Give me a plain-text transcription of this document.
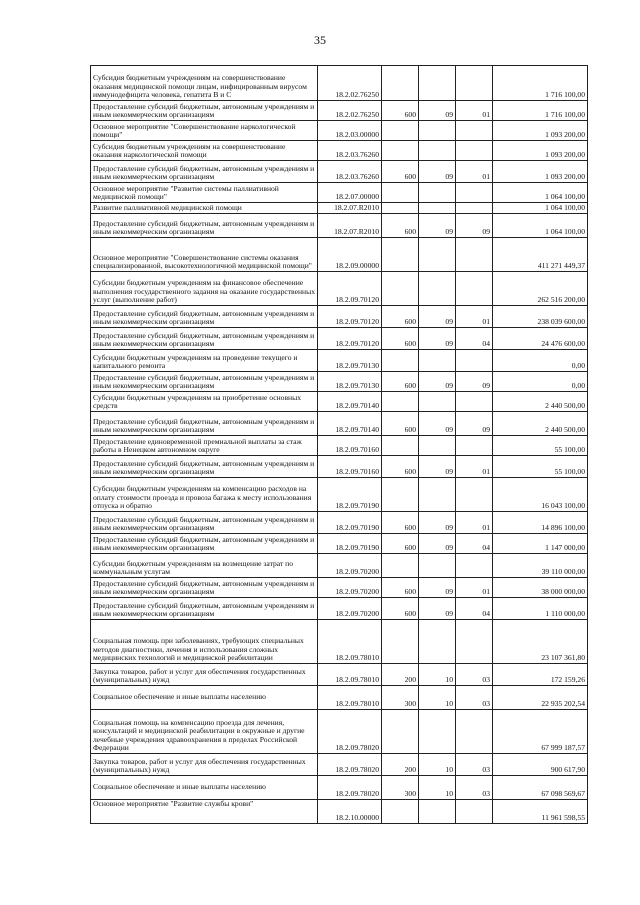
35
Субсидия бюджетным учреждениям на совершенствование оказания медицинской помощи лицам, инфицированным вирусом иммунодефицита человека, гепатита В и С	18.2.02.76250				1 716 100,00
Предоставление субсидий бюджетным, автономным учреждениям и иным некоммерческим организациям	18.2.02.76250	600	09	01	1 716 100,00
Основное мероприятие "Совершенствование наркологической помощи"	18.2.03.00000				1 093 200,00
Субсидия бюджетным учреждениям на совершенствование оказания наркологической помощи	18.2.03.76260				1 093 200,00
Предоставление субсидий бюджетным, автономным учреждениям и иным некоммерческим организациям	18.2.03.76260	600	09	01	1 093 200,00
Основное мероприятие "Развитие системы паллиативной медицинской помощи"	18.2.07.00000				1 064 100,00
Развитие паллиативной медицинской помощи	18.2.07.R2010				1 064 100,00
Предоставление субсидий бюджетным, автономным учреждениям и иным некоммерческим организациям	18.2.07.R2010	600	09	09	1 064 100,00
Основное мероприятие "Совершенствование системы оказания специализированной, высокотехнологичной медицинской помощи"	18.2.09.00000				411 271 449,37
Субсидии бюджетным учреждениям на финансовое обеспечение выполнения государственного задания на оказание государственных услуг (выполнение работ)	18.2.09.70120				262 516 200,00
Предоставление субсидий бюджетным, автономным учреждениям и иным некоммерческим организациям	18.2.09.70120	600	09	01	238 039 600,00
Предоставление субсидий бюджетным, автономным учреждениям и иным некоммерческим организациям	18.2.09.70120	600	09	04	24 476 600,00
Субсидии бюджетным учреждениям на проведение текущего и капитального ремонта	18.2.09.70130				0,00
Предоставление субсидий бюджетным, автономным учреждениям и иным некоммерческим организациям	18.2.09.70130	600	09	09	0,00
Субсидии бюджетным учреждениям на приобретение основных средств	18.2.09.70140				2 440 500,00
Предоставление субсидий бюджетным, автономным учреждениям и иным некоммерческим организациям	18.2.09.70140	600	09	09	2 440 500,00
Предоставление единовременной премиальной выплаты за стаж работы в Ненецком автономном округе	18.2.09.70160				55 100,00
Предоставление субсидий бюджетным, автономным учреждениям и иным некоммерческим организациям	18.2.09.70160	600	09	01	55 100,00
Субсидии бюджетным учреждениям на компенсацию расходов на оплату стоимости проезда и провоза багажа к месту использования отпуска и обратно	18.2.09.70190				16 043 100,00
Предоставление субсидий бюджетным, автономным учреждениям и иным некоммерческим организациям	18.2.09.70190	600	09	01	14 896 100,00
Предоставление субсидий бюджетным, автономным учреждениям и иным некоммерческим организациям	18.2.09.70190	600	09	04	1 147 000,00
Субсидии бюджетным учреждениям на возмещение затрат по коммунальным услугам	18.2.09.70200				39 110 000,00
Предоставление субсидий бюджетным, автономным учреждениям и иным некоммерческим организациям	18.2.09.70200	600	09	01	38 000 000,00
Предоставление субсидий бюджетным, автономным учреждениям и иным некоммерческим организациям	18.2.09.70200	600	09	04	1 110 000,00
Социальная помощь при заболеваниях, требующих специальных методов диагностики, лечения и использования сложных медицинских технологий и медицинской реабилитации	18.2.09.78010				23 107 361,80
Закупка товаров, работ и услуг для обеспечения государственных (муниципальных) нужд	18.2.09.78010	200	10	03	172 159,26
Социальное обеспечение и иные выплаты населению	18.2.09.78010	300	10	03	22 935 202,54
Социальная помощь на компенсацию проезда для лечения, консультаций и медицинской реабилитации в окружные и другие лечебные учреждения здравоохранения в пределах Российской Федерации	18.2.09.78020				67 999 187,57
Закупка товаров, работ и услуг для обеспечения государственных (муниципальных) нужд	18.2.09.78020	200	10	03	900 617,90
Социальное обеспечение и иные выплаты населению	18.2.09.78020	300	10	03	67 098 569,67
Основное мероприятие "Развитие службы крови"	18.2.10.00000				11 961 598,55
